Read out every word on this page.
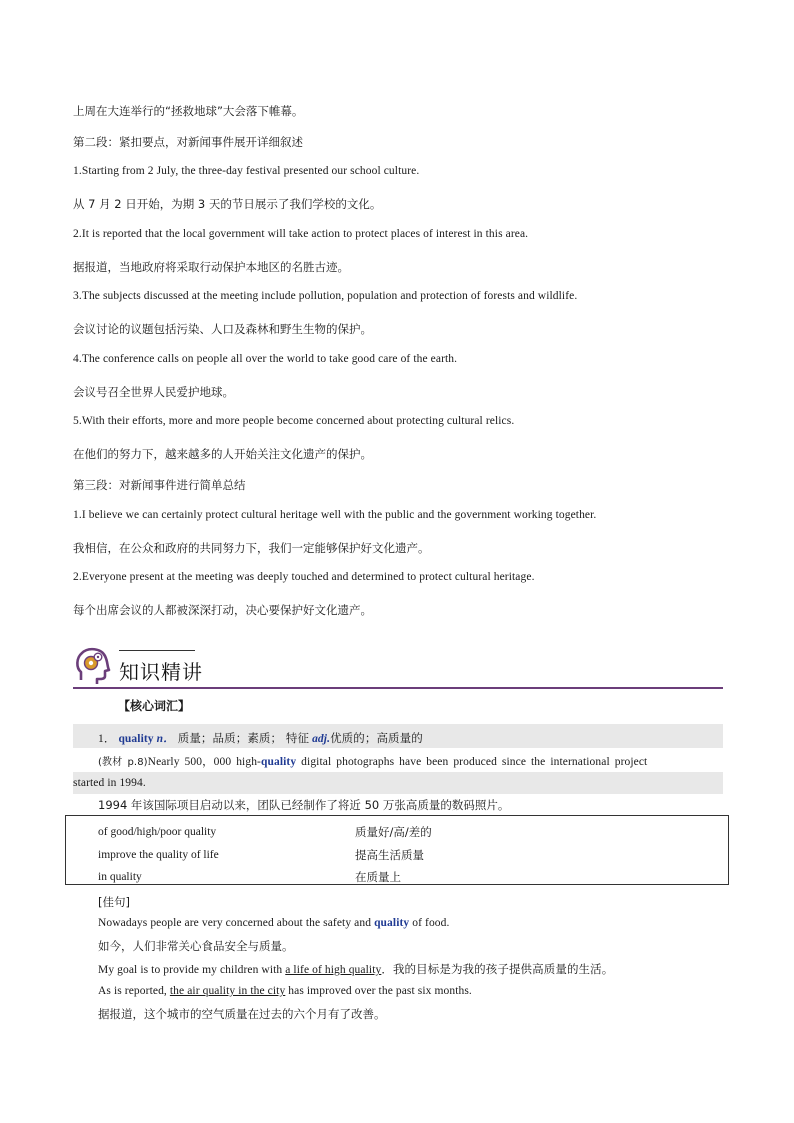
上周在大连举行的“拯救地球”大会落下帷幕。
第二段：紧扣要点，对新闻事件展开详细叙述
1.Starting from 2 July, the three-day festival presented our school culture.
从 7 月 2 日开始，为期 3 天的节日展示了我们学校的文化。
2.It is reported that the local government will take action to protect places of interest in this area.
据报道，当地政府将采取行动保护本地区的名胜古迹。
3.The subjects discussed at the meeting include pollution, population and protection of forests and wildlife.
会议讨论的议题包括污染、人口及森林和野生生物的保护。
4.The conference calls on people all over the world to take good care of the earth.
会议号召全世界人民爱护地球。
5.With their efforts, more and more people become concerned about protecting cultural relics.
在他们的努力下，越来越多的人开始关注文化遗产的保护。
第三段：对新闻事件进行简单总结
1.I believe we can certainly protect cultural heritage well with the public and the government working together.
我相信，在公众和政府的共同努力下，我们一定能够保护好文化遗产。
2.Everyone present at the meeting was deeply touched and determined to protect cultural heritage.
每个出席会议的人都被深深打动，决心要保护好文化遗产。
知识精讲
【核心词汇】
1． quality n． 质量；品质；素质； 特征 adj.优质的；高质量的
(教材 p.8)Nearly 500，000 high-quality digital photographs have been produced since the international project
started in 1994.
1994 年该国际项目启动以来，团队已经制作了将近 50 万张高质量的数码照片。
of good/high/poor quality	质量好/高/差的
improve the quality of life	提高生活质量
in quality	在质量上
[佳句]
Nowadays people are very concerned about the safety and quality of food.
如今，人们非常关心食品安全与质量。
My goal is to provide my children with a life of high quality．我的目标是为我的孩子提供高质量的生活。
As is reported, the air quality in the city has improved over the past six months.
据报道，这个城市的空气质量在过去的六个月有了改善。
